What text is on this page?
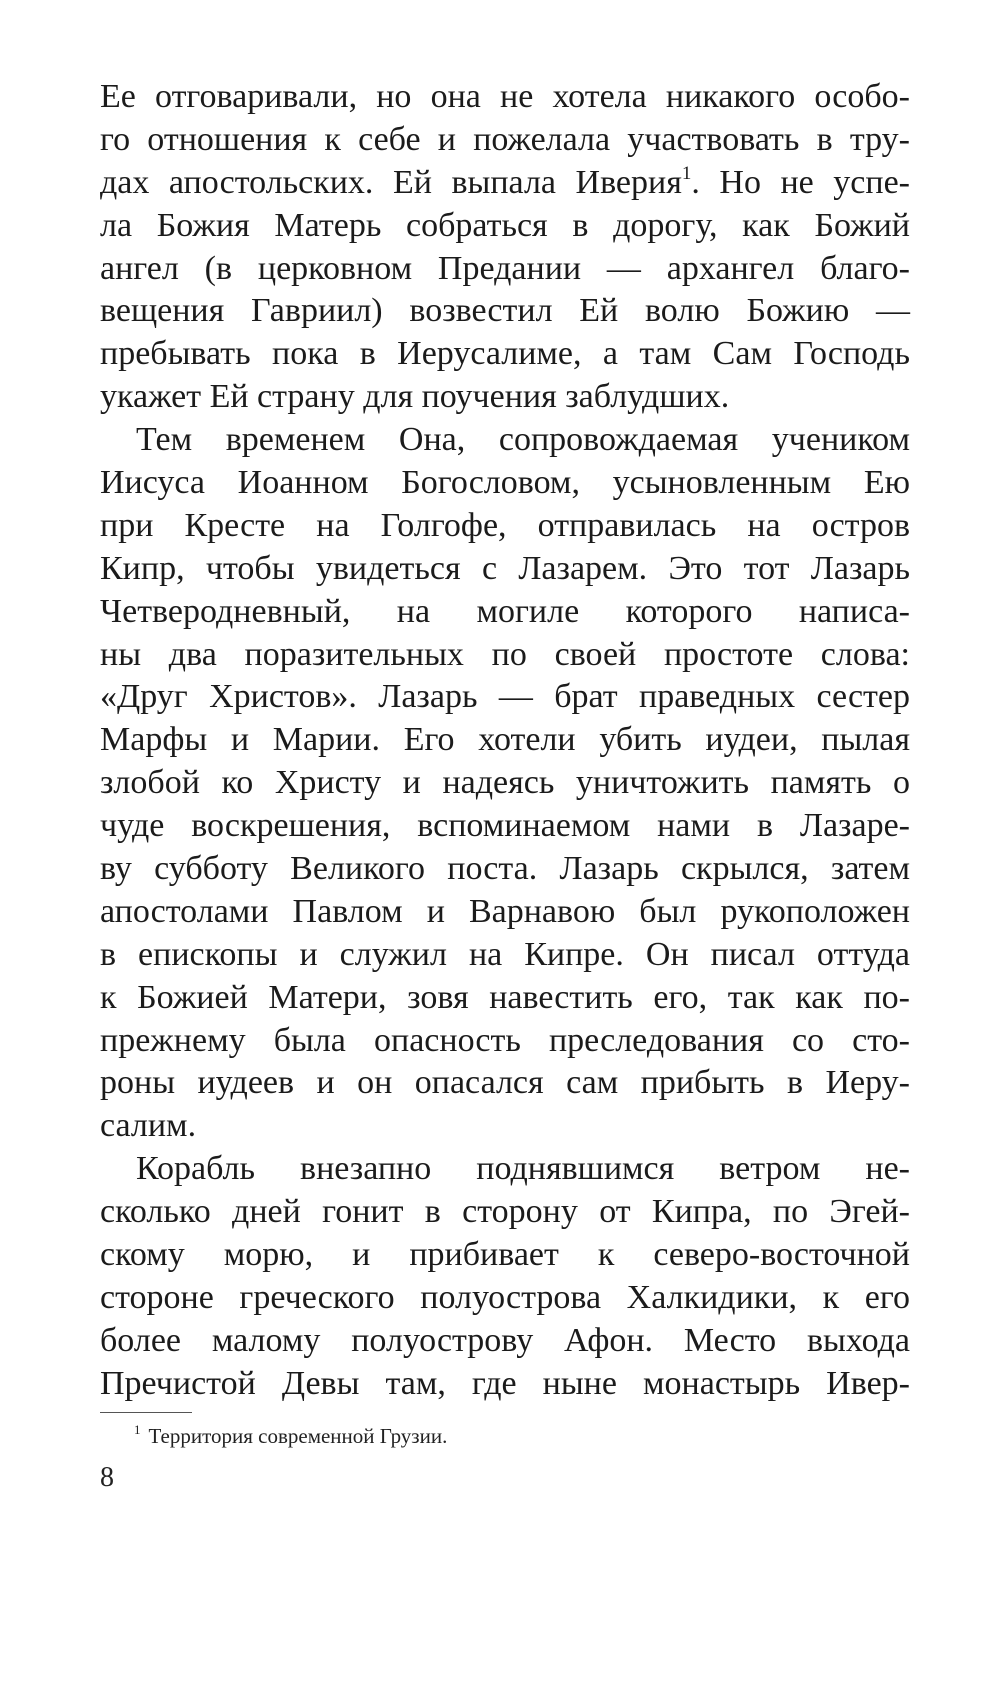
Ее отговаривали, но она не хотела никакого особо-
го отношения к себе и пожелала участвовать в тру-
дах апостольских. Ей выпала Иверия$^1$. Но не успе-
ла Божия Матерь собраться в дорогу, как Божий
ангел (в церковном Предании — архангел благо-
вещения Гавриил) возвестил Ей волю Божию —
пребывать пока в Иерусалиме, а там Сам Господь
укажет Ей страну для поучения заблудших.
Тем временем Она, сопровождаемая учеником
Иисуса Иоанном Богословом, усыновленным Ею
при Кресте на Голгофе, отправилась на остров
Кипр, чтобы увидеться с Лазарем. Это тот Лазарь
Четверодневный, на могиле которого написа-
ны два поразительных по своей простоте слова:
«Друг Христов». Лазарь — брат праведных сестер
Марфы и Марии. Его хотели убить иудеи, пылая
злобой ко Христу и надеясь уничтожить память о
чуде воскрешения, вспоминаемом нами в Лазаре-
ву субботу Великого поста. Лазарь скрылся, затем
апостолами Павлом и Варнавою был рукоположен
в епископы и служил на Кипре. Он писал оттуда
к Божией Матери, зовя навестить его, так как по-
прежнему была опасность преследования со сто-
роны иудеев и он опасался сам прибыть в Иеру-
салим.
Корабль внезапно поднявшимся ветром не-
сколько дней гонит в сторону от Кипра, по Эгей-
скому морю, и прибивает к северо-восточной
стороне греческого полуострова Халкидики, к его
более малому полуострову Афон. Место выхода
Пречистой Девы там, где ныне монастырь Ивер-
$^1$ Территория современной Грузии.
8
